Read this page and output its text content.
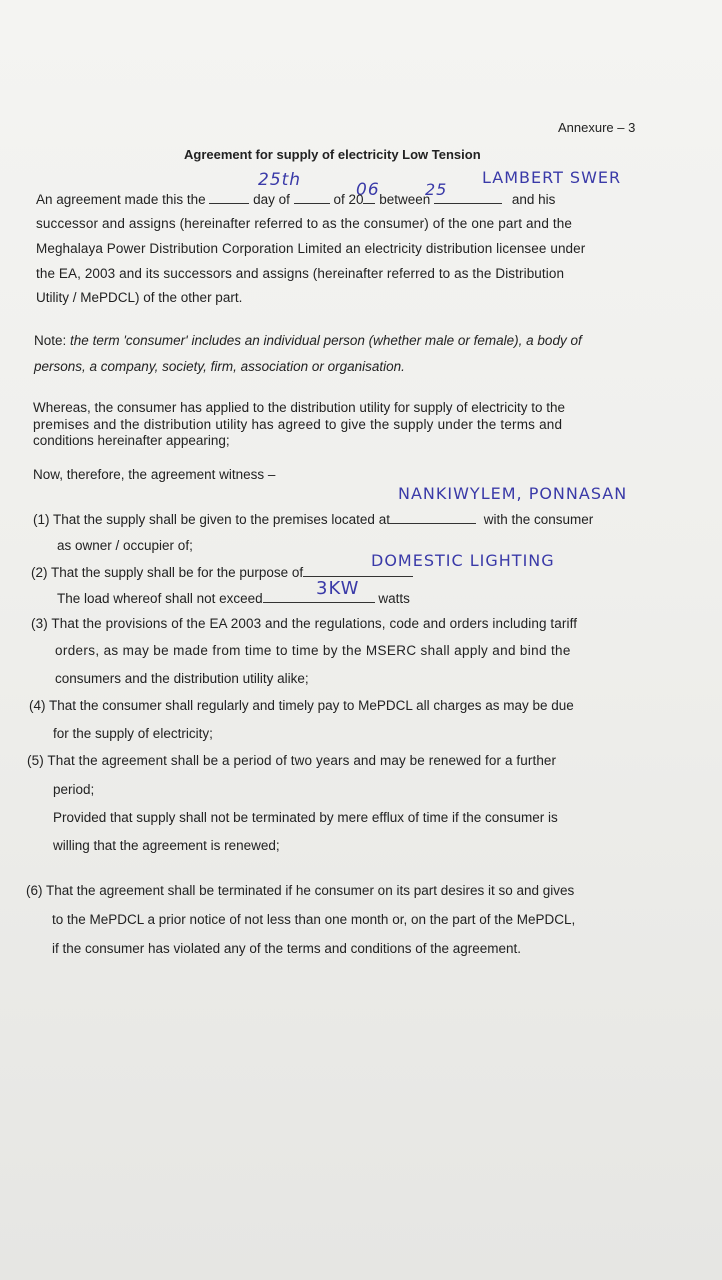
Annexure – 3
Agreement for supply of electricity Low Tension
25th	06	25
LAMBERT SWER
An agreement made this the	day of	of 20 between	and his
successor and assigns (hereinafter referred to as the consumer) of the one part and the
Meghalaya Power Distribution Corporation Limited an electricity distribution licensee under
the EA, 2003 and its successors and assigns (hereinafter referred to as the Distribution
Utility / MePDCL) of the other part.
Note: the term 'consumer' includes an individual person (whether male or female), a body of
persons, a company, society, firm, association or organisation.
Whereas, the consumer has applied to the distribution utility for supply of electricity to the
premises and the distribution utility has agreed to give the supply under the terms and
conditions hereinafter appearing;
Now, therefore, the agreement witness –
NANKIWYLEM, PONNASAN
(1) That the supply shall be given to the premises located at	with the consumer
as owner / occupier of;
DOMESTIC LIGHTING
(2) That the supply shall be for the purpose of
3KW
The load whereof shall not exceed	watts
(3) That the provisions of the EA 2003 and the regulations, code and orders including tariff
orders, as may be made from time to time by the MSERC shall apply and bind the
consumers and the distribution utility alike;
(4) That the consumer shall regularly and timely pay to MePDCL all charges as may be due
for the supply of electricity;
(5) That the agreement shall be a period of two years and may be renewed for a further
period;
Provided that supply shall not be terminated by mere efflux of time if the consumer is
willing that the agreement is renewed;
(6) That the agreement shall be terminated if he consumer on its part desires it so and gives
to the MePDCL a prior notice of not less than one month or, on the part of the MePDCL,
if the consumer has violated any of the terms and conditions of the agreement.
